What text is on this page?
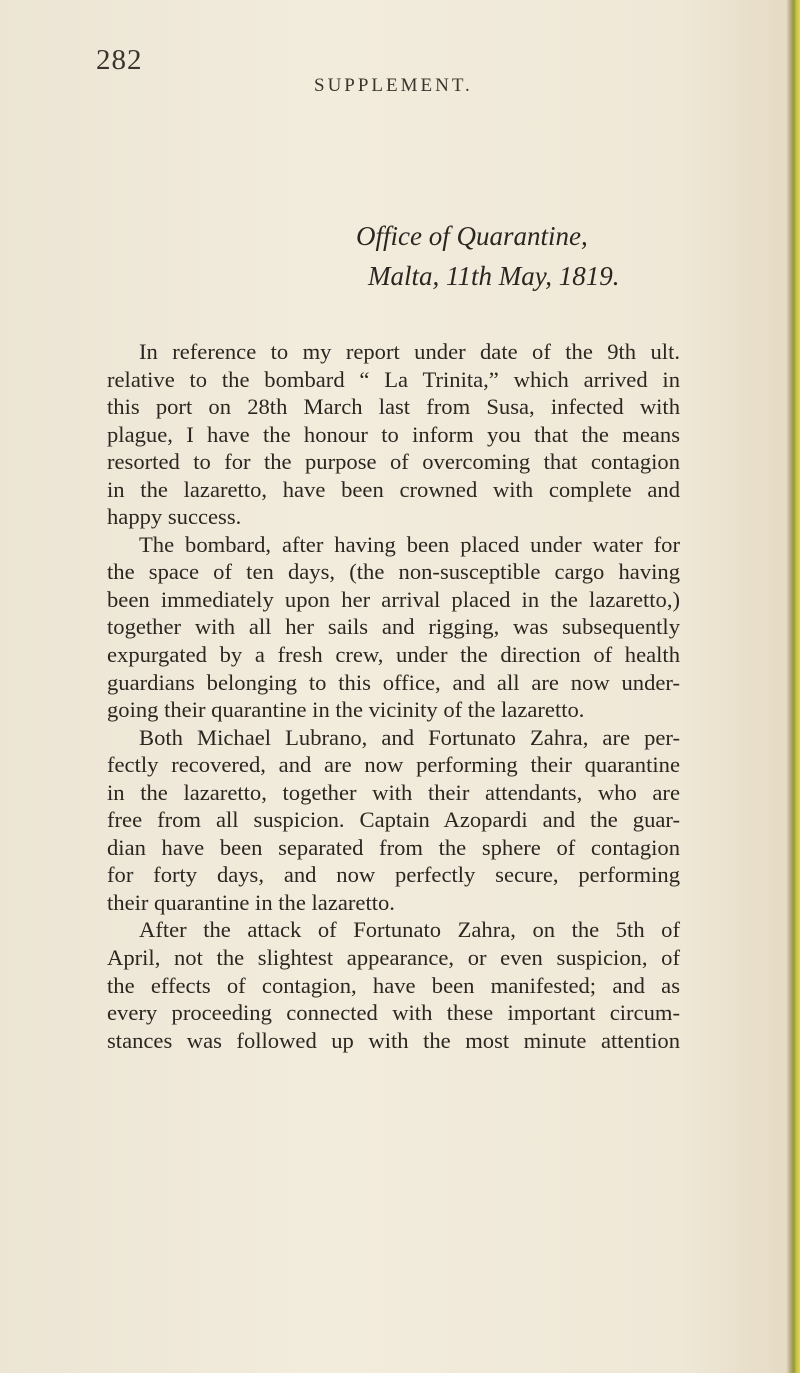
282
SUPPLEMENT.
Office of Quarantine,
Malta, 11th May, 1819.
In reference to my report under date of the 9th ult.
relative to the bombard “ La Trinita,” which arrived in
this port on 28th March last from Susa, infected with
plague, I have the honour to inform you that the means
resorted to for the purpose of overcoming that contagion
in the lazaretto, have been crowned with complete and
happy success.
The bombard, after having been placed under water for
the space of ten days, (the non-susceptible cargo having
been immediately upon her arrival placed in the lazaretto,)
together with all her sails and rigging, was subsequently
expurgated by a fresh crew, under the direction of health
guardians belonging to this office, and all are now under-
going their quarantine in the vicinity of the lazaretto.
Both Michael Lubrano, and Fortunato Zahra, are per-
fectly recovered, and are now performing their quarantine
in the lazaretto, together with their attendants, who are
free from all suspicion. Captain Azopardi and the guar-
dian have been separated from the sphere of contagion
for forty days, and now perfectly secure, performing
their quarantine in the lazaretto.
After the attack of Fortunato Zahra, on the 5th of
April, not the slightest appearance, or even suspicion, of
the effects of contagion, have been manifested; and as
every proceeding connected with these important circum-
stances was followed up with the most minute attention
